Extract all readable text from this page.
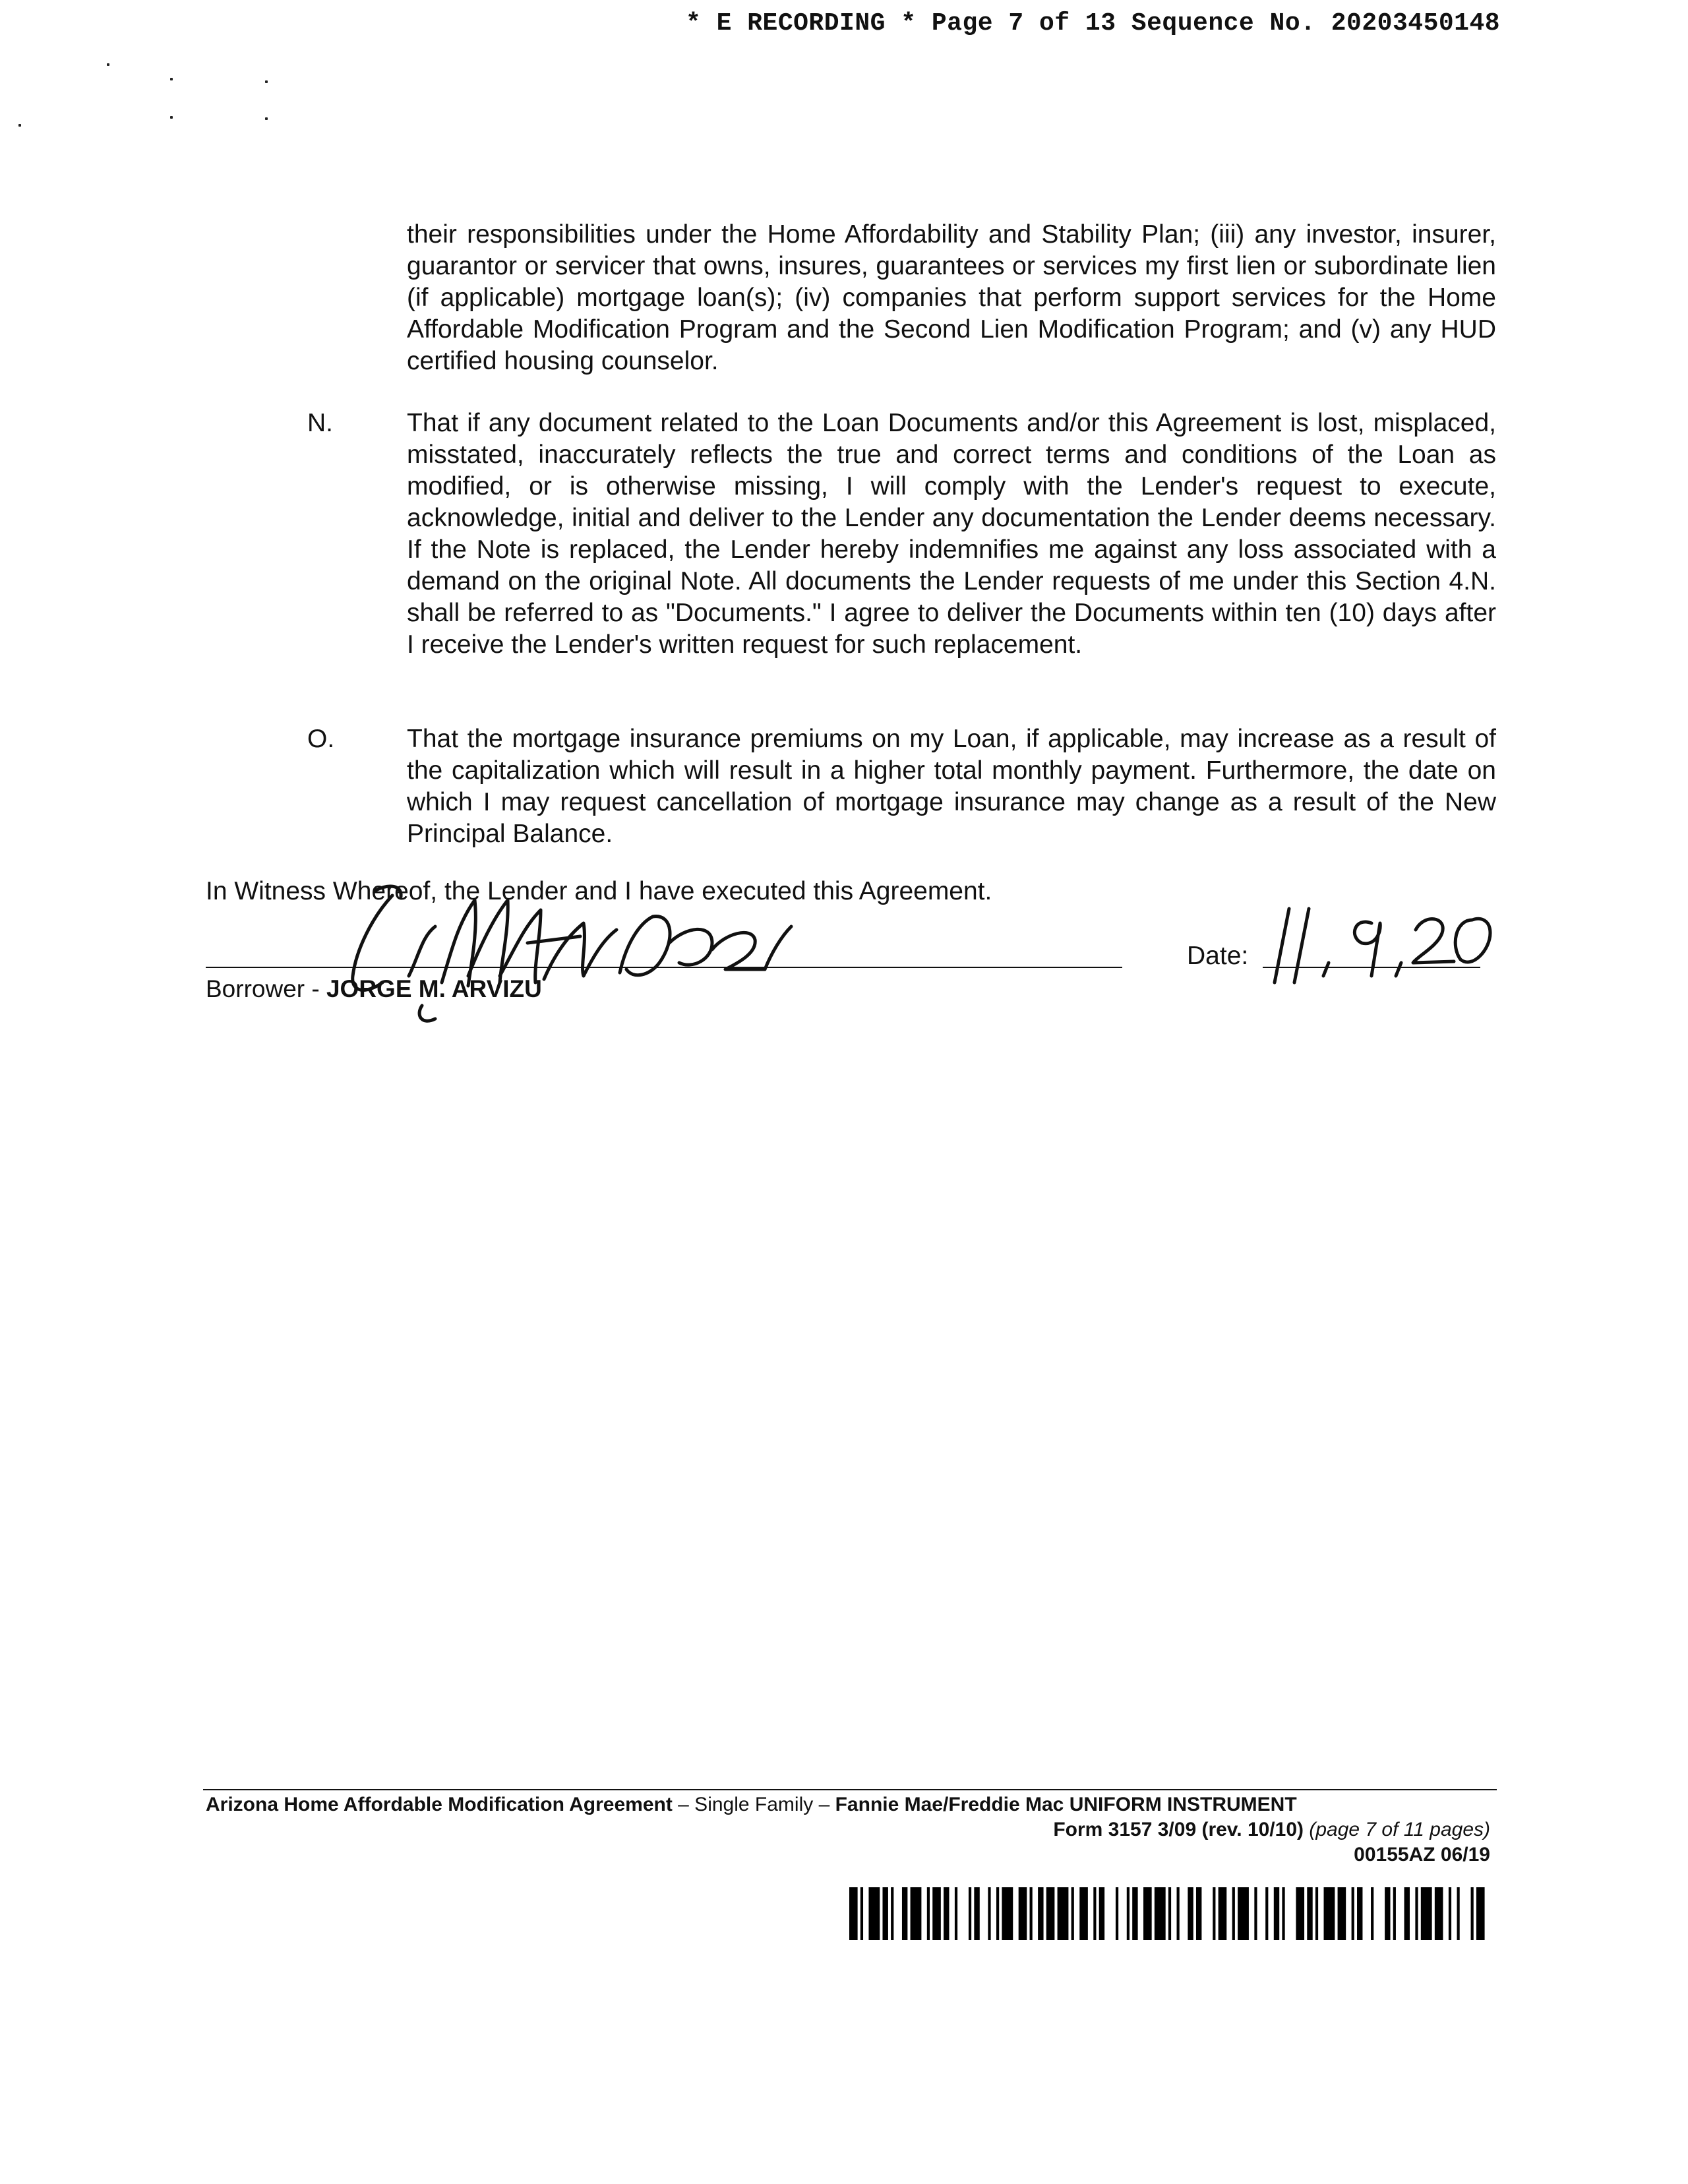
* E RECORDING * Page 7 of 13 Sequence No. 20203450148
their responsibilities under the Home Affordability and Stability Plan; (iii) any investor, insurer, guarantor or servicer that owns, insures, guarantees or services my first lien or subordinate lien (if applicable) mortgage loan(s); (iv) companies that perform support services for the Home Affordable Modification Program and the Second Lien Modification Program; and (v) any HUD certified housing counselor.
N.	That if any document related to the Loan Documents and/or this Agreement is lost, misplaced, misstated, inaccurately reflects the true and correct terms and conditions of the Loan as modified, or is otherwise missing, I will comply with the Lender's request to execute, acknowledge, initial and deliver to the Lender any documentation the Lender deems necessary. If the Note is replaced, the Lender hereby indemnifies me against any loss associated with a demand on the original Note. All documents the Lender requests of me under this Section 4.N. shall be referred to as "Documents." I agree to deliver the Documents within ten (10) days after I receive the Lender's written request for such replacement.
O.	That the mortgage insurance premiums on my Loan, if applicable, may increase as a result of the capitalization which will result in a higher total monthly payment. Furthermore, the date on which I may request cancellation of mortgage insurance may change as a result of the New Principal Balance.
In Witness Whereof, the Lender and I have executed this Agreement.
Borrower - JORGE M. ARVIZU
Date:
Arizona Home Affordable Modification Agreement – Single Family – Fannie Mae/Freddie Mac UNIFORM INSTRUMENT
Form 3157 3/09 (rev. 10/10) (page 7 of 11 pages)
00155AZ 06/19
